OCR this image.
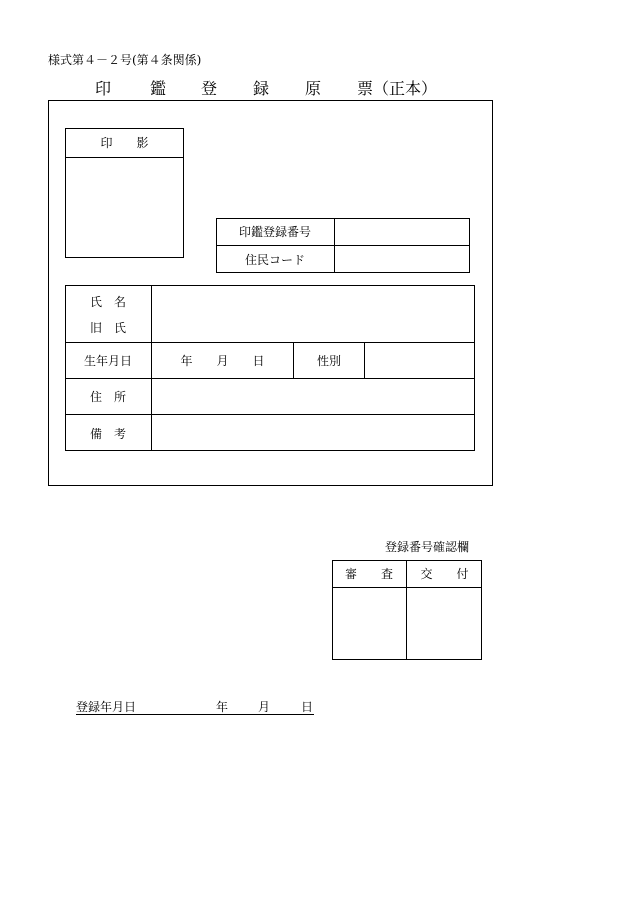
様式第４－２号(第４条関係)
印 鑑 登 録 原 票（正本）
印　　影
印鑑登録番号
住民コード
氏　名
旧　氏
生年月日	年　　月　　日	性別
住　所
備　考
登録番号確認欄
審　　査	交　　付
登録年月日	年 月	日
